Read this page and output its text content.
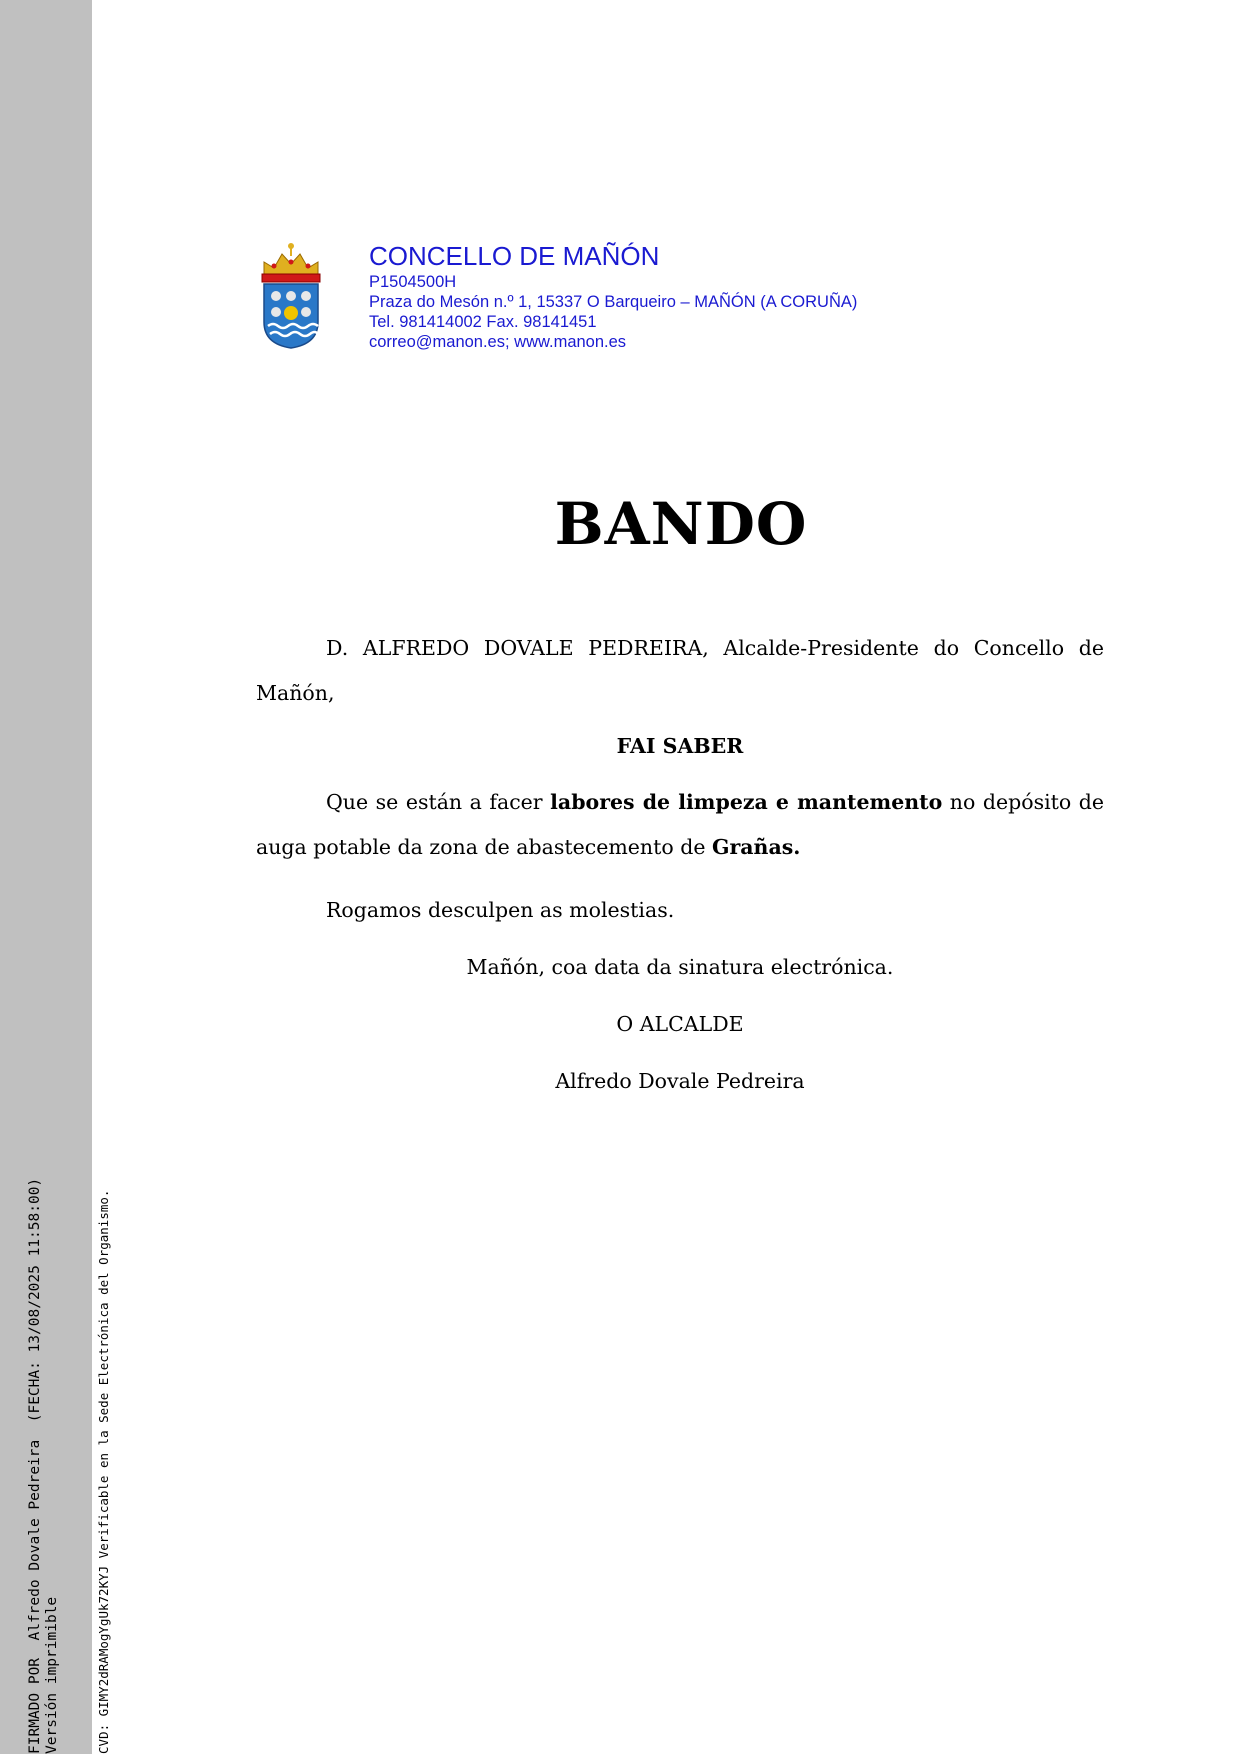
FIRMADO POR  Alfredo Dovale Pedreira  (FECHA: 13/08/2025 11:58:00) Versión imprimible	CVD: GIMY2dRAMogYgUk72KYJ Verificable en la Sede Electrónica del Organismo.

CONCELLO DE MAÑÓN

P1504500H

Praza do Mesón n.º 1, 15337 O Barqueiro – MAÑÓN (A CORUÑA)

Tel. 981414002 Fax. 98141451

correo@manon.es; www.manon.es

BANDO

D. ALFREDO DOVALE PEDREIRA, Alcalde-Presidente do Concello de Mañón,

FAI SABER

Que se están a facer labores de limpeza e mantemento no depósito de auga potable da zona de abastecemento de Grañas.

Rogamos desculpen as molestias.

Mañón, coa data da sinatura electrónica.

O ALCALDE

Alfredo Dovale Pedreira
